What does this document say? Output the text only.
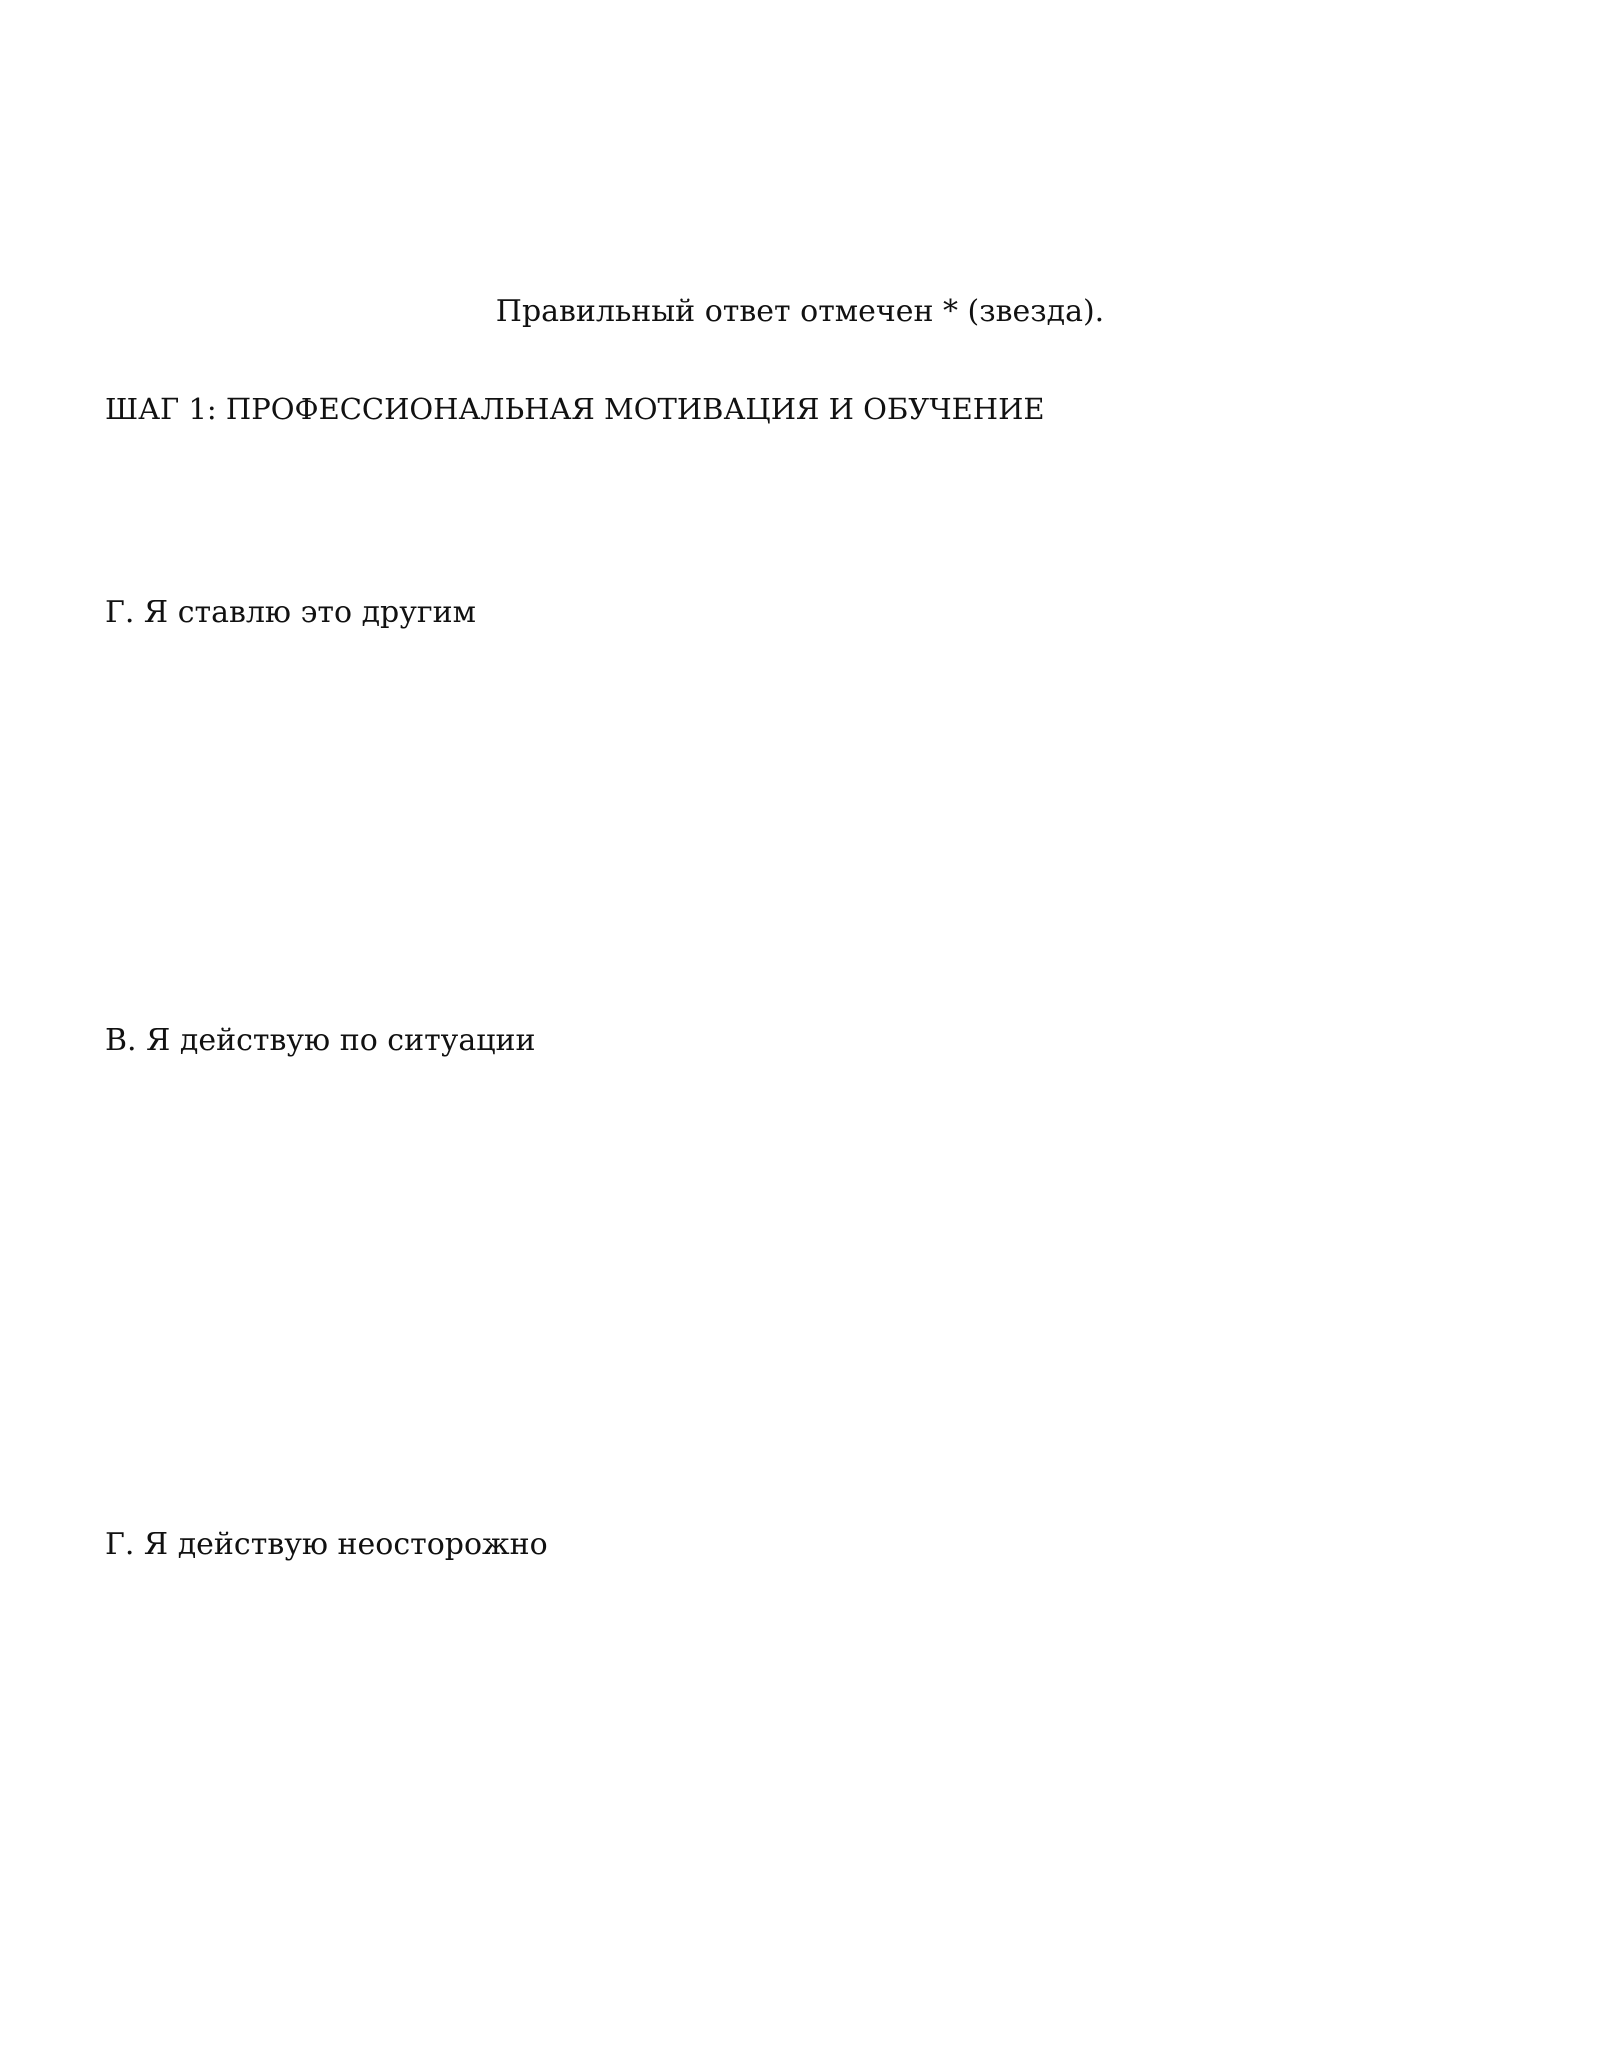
Правильный ответ отмечен * (звезда).
ШАГ 1: ПРОФЕССИОНАЛЬНАЯ МОТИВАЦИЯ И ОБУЧЕНИЕ
Г. Я ставлю это другим
В. Я действую по ситуации
Г. Я действую неосторожно
